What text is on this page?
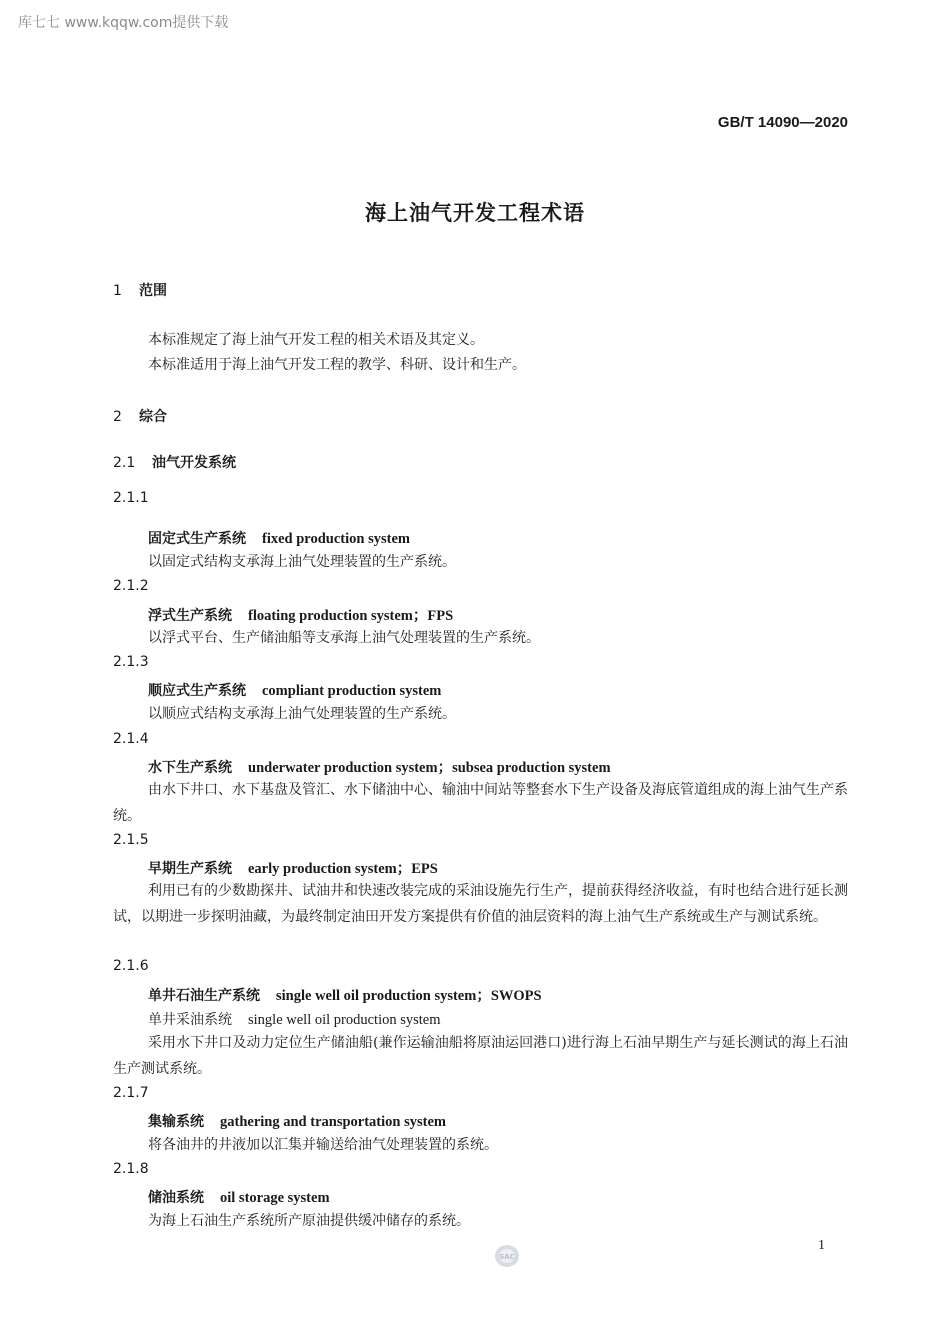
库七七 www.kqqw.com提供下载
GB/T 14090—2020
海上油气开发工程术语
1 范围
本标准规定了海上油气开发工程的相关术语及其定义。
本标准适用于海上油气开发工程的教学、科研、设计和生产。
2 综合
2.1 油气开发系统
2.1.1
固定式生产系统 fixed production system
以固定式结构支承海上油气处理装置的生产系统。
2.1.2
浮式生产系统 floating production system；FPS
以浮式平台、生产储油船等支承海上油气处理装置的生产系统。
2.1.3
顺应式生产系统 compliant production system
以顺应式结构支承海上油气处理装置的生产系统。
2.1.4
水下生产系统 underwater production system；subsea production system
由水下井口、水下基盘及管汇、水下储油中心、输油中间站等整套水下生产设备及海底管道组成的海上油气生产系统。
2.1.5
早期生产系统 early production system；EPS
利用已有的少数勘探井、试油井和快速改装完成的采油设施先行生产，提前获得经济收益，有时也结合进行延长测试，以期进一步探明油藏，为最终制定油田开发方案提供有价值的油层资料的海上油气生产系统或生产与测试系统。
2.1.6
单井石油生产系统 single well oil production system；SWOPS
单井采油系统 single well oil production system
采用水下井口及动力定位生产储油船(兼作运输油船将原油运回港口)进行海上石油早期生产与延长测试的海上石油生产测试系统。
2.1.7
集输系统 gathering and transportation system
将各油井的井液加以汇集并输送给油气处理装置的系统。
2.1.8
储油系统 oil storage system
为海上石油生产系统所产原油提供缓冲储存的系统。
SAC
1
